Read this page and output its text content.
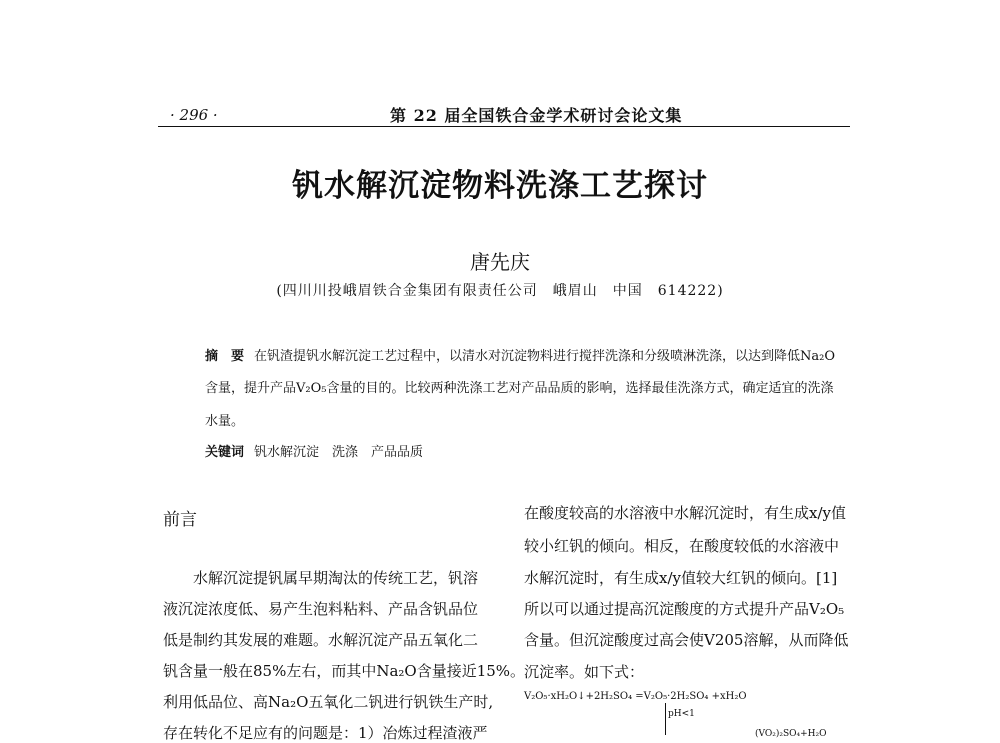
· 296 ·	第 22 届全国铁合金学术研讨会论文集
钒水解沉淀物料洗涤工艺探讨
唐先庆
(四川川投峨眉铁合金集团有限责任公司　峨眉山　中国　614222)
摘　要 在钒渣提钒水解沉淀工艺过程中，以清水对沉淀物料进行搅拌洗涤和分级喷淋洗涤，以达到降低Na₂O
含量，提升产品V₂O₅含量的目的。比较两种洗涤工艺对产品品质的影响，选择最佳洗涤方式，确定适宜的洗涤
水量。
关键词 钒水解沉淀　洗涤　产品品质
前言
水解沉淀提钒属早期淘汰的传统工艺，钒溶
液沉淀浓度低、易产生泡料粘料、产品含钒品位
低是制约其发展的难题。水解沉淀产品五氧化二
钒含量一般在85%左右，而其中Na₂O含量接近15%。
利用低品位、高Na₂O五氧化二钒进行钒铁生产时,
存在转化不足应有的问题是：1）冶炼过程渣液严
在酸度较高的水溶液中水解沉淀时，有生成x/y值
较小红钒的倾向。相反，在酸度较低的水溶液中
水解沉淀时，有生成x/y值较大红钒的倾向。[1]
所以可以通过提高沉淀酸度的方式提升产品V₂O₅
含量。但沉淀酸度过高会使V205溶解，从而降低
沉淀率。如下式：
V₂O₅·xH₂O↓+2H₂SO₄ =V₂O₅·2H₂SO₄ +xH₂O
pH<1
(VO₂)₂SO₄+H₂O
